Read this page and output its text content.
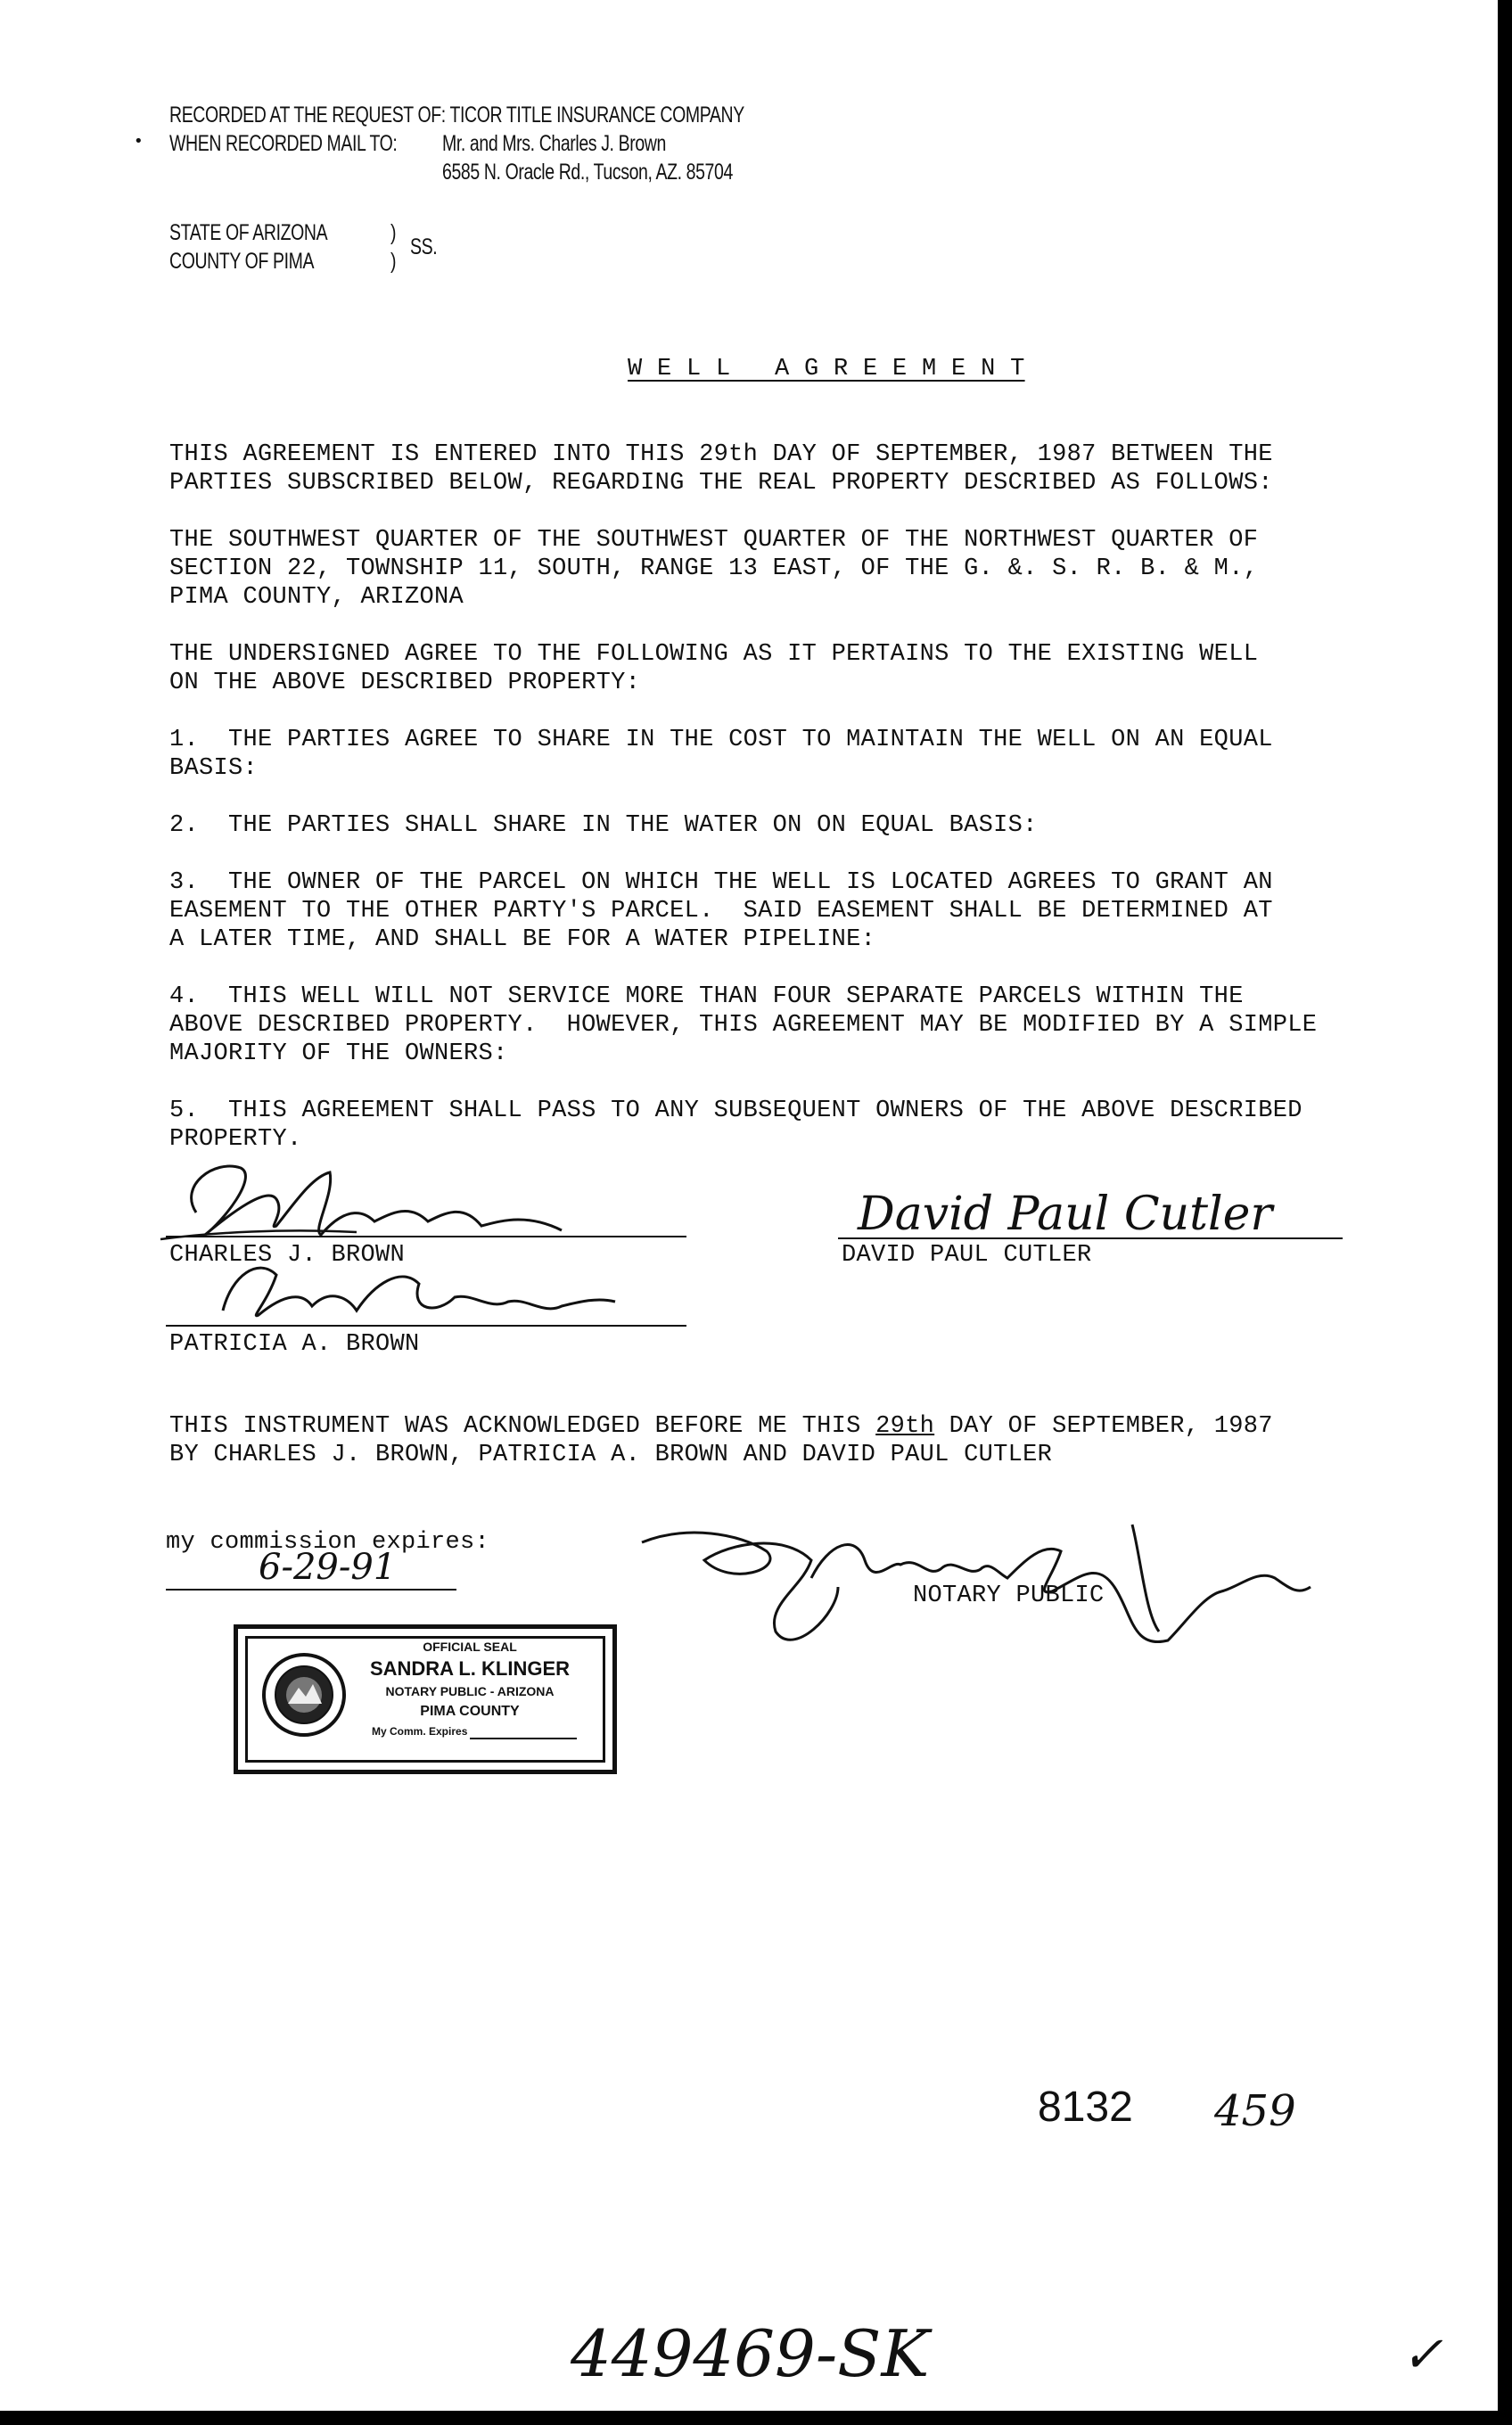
RECORDED AT THE REQUEST OF: TICOR TITLE INSURANCE COMPANY
WHEN RECORDED MAIL TO: Mr. and Mrs. Charles J. Brown
6585 N. Oracle Rd., Tucson, AZ. 85704
•
STATE OF ARIZONA
COUNTY OF PIMA
)
)
SS.
W E L L   A G R E E M E N T
THIS AGREEMENT IS ENTERED INTO THIS 29th DAY OF SEPTEMBER, 1987 BETWEEN THE
PARTIES SUBSCRIBED BELOW, REGARDING THE REAL PROPERTY DESCRIBED AS FOLLOWS:
THE SOUTHWEST QUARTER OF THE SOUTHWEST QUARTER OF THE NORTHWEST QUARTER OF
SECTION 22, TOWNSHIP 11, SOUTH, RANGE 13 EAST, OF THE G. &. S. R. B. & M.,
PIMA COUNTY, ARIZONA
THE UNDERSIGNED AGREE TO THE FOLLOWING AS IT PERTAINS TO THE EXISTING WELL
ON THE ABOVE DESCRIBED PROPERTY:
1.  THE PARTIES AGREE TO SHARE IN THE COST TO MAINTAIN THE WELL ON AN EQUAL
BASIS:
2.  THE PARTIES SHALL SHARE IN THE WATER ON ON EQUAL BASIS:
3.  THE OWNER OF THE PARCEL ON WHICH THE WELL IS LOCATED AGREES TO GRANT AN
EASEMENT TO THE OTHER PARTY'S PARCEL.  SAID EASEMENT SHALL BE DETERMINED AT
A LATER TIME, AND SHALL BE FOR A WATER PIPELINE:
4.  THIS WELL WILL NOT SERVICE MORE THAN FOUR SEPARATE PARCELS WITHIN THE
ABOVE DESCRIBED PROPERTY.  HOWEVER, THIS AGREEMENT MAY BE MODIFIED BY A SIMPLE
MAJORITY OF THE OWNERS:
5.  THIS AGREEMENT SHALL PASS TO ANY SUBSEQUENT OWNERS OF THE ABOVE DESCRIBED
PROPERTY.
CHARLES J. BROWN	DAVID PAUL CUTLER
David Paul Cutler
PATRICIA A. BROWN
THIS INSTRUMENT WAS ACKNOWLEDGED BEFORE ME THIS 29th DAY OF SEPTEMBER, 1987
BY CHARLES J. BROWN, PATRICIA A. BROWN AND DAVID PAUL CUTLER
my commission expires:
6-29-91
NOTARY PUBLIC
OFFICIAL SEAL
SANDRA L. KLINGER
NOTARY PUBLIC - ARIZONA
PIMA COUNTY
My Comm. Expires
8132 459
449469-SK	✓
